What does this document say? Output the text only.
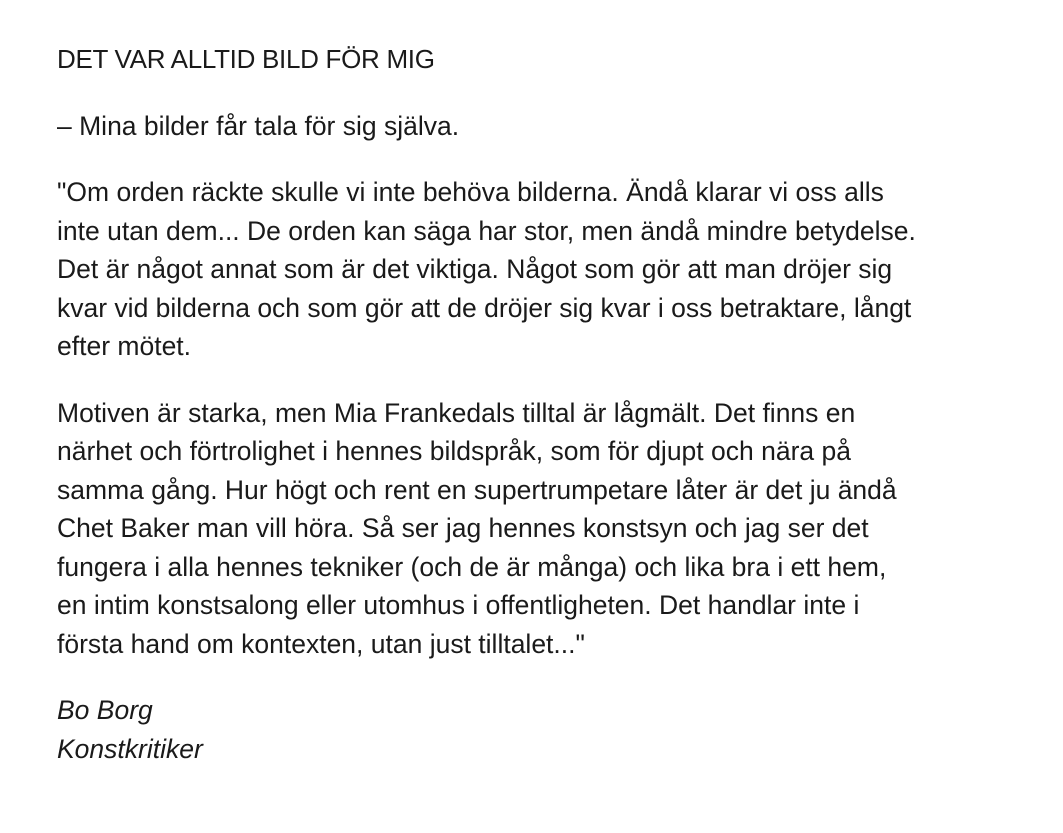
DET VAR ALLTID BILD FÖR MIG

– Mina bilder får tala för sig själva.

"Om orden räckte skulle vi inte behöva bilderna. Ändå klarar vi oss alls
inte utan dem... De orden kan säga har stor, men ändå mindre betydelse.
Det är något annat som är det viktiga. Något som gör att man dröjer sig
kvar vid bilderna och som gör att de dröjer sig kvar i oss betraktare, långt
efter mötet.

Motiven är starka, men Mia Frankedals tilltal är lågmält. Det finns en
närhet och förtrolighet i hennes bildspråk, som för djupt och nära på
samma gång. Hur högt och rent en supertrumpetare låter är det ju ändå
Chet Baker man vill höra. Så ser jag hennes konstsyn och jag ser det
fungera i alla hennes tekniker (och de är många) och lika bra i ett hem,
en intim konstsalong eller utomhus i offentligheten. Det handlar inte i
första hand om kontexten, utan just tilltalet..."

Bo Borg
Konstkritiker
